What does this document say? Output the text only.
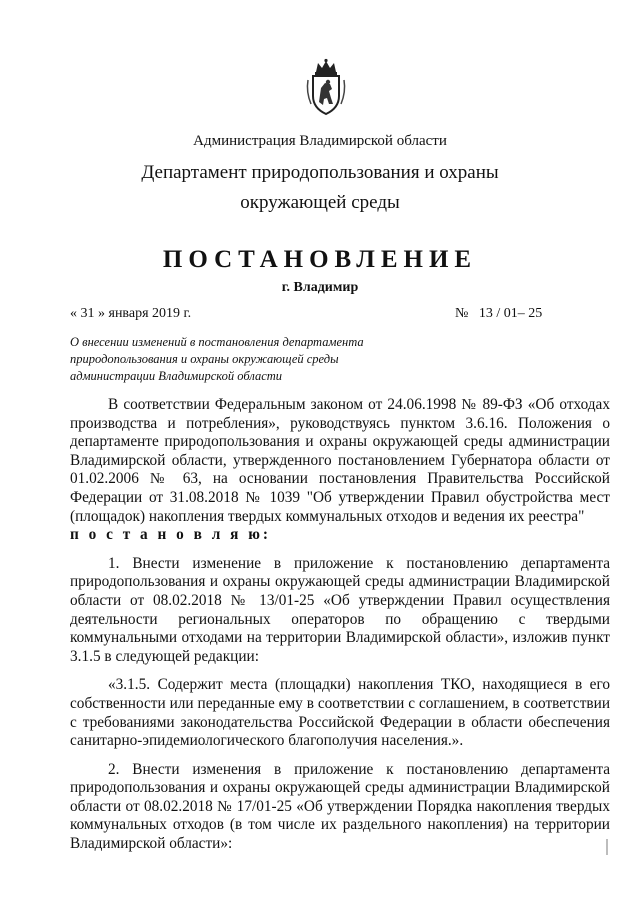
Администрация Владимирской области
Департамент природопользования и охраны
окружающей среды
ПОСТАНОВЛЕНИЕ
г. Владимир
« 31 » января 2019 г.	№   13 / 01– 25
О внесении изменений в постановления департамента природопользования и охраны окружающей среды администрации Владимирской области

В соответствии Федеральным законом от 24.06.1998 № 89-ФЗ «Об отходах производства и потребления», руководствуясь пунктом 3.6.16. Положения о департаменте природопользования и охраны окружающей среды администрации Владимирской области, утвержденного постановлением Губернатора области от 01.02.2006 № 63, на основании постановления Правительства Российской Федерации от 31.08.2018 № 1039 "Об утверждении Правил обустройства мест (площадок) накопления твердых коммунальных отходов и ведения их реестра"

п о с т а н о в л я ю:

1. Внести изменение в приложение к постановлению департамента природопользования и охраны окружающей среды администрации Владимирской области от 08.02.2018 № 13/01-25 «Об утверждении Правил осуществления деятельности региональных операторов по обращению с твердыми коммунальными отходами на территории Владимирской области», изложив пункт 3.1.5 в следующей редакции:

«3.1.5. Содержит места (площадки) накопления ТКО, находящиеся в его собственности или переданные ему в соответствии с соглашением, в соответствии с требованиями законодательства Российской Федерации в области обеспечения санитарно-эпидемиологического благополучия населения.».

2. Внести изменения в приложение к постановлению департамента природопользования и охраны окружающей среды администрации Владимирской области от 08.02.2018 № 17/01-25 «Об утверждении Порядка накопления твердых коммунальных отходов (в том числе их раздельного накопления) на территории Владимирской области»:
